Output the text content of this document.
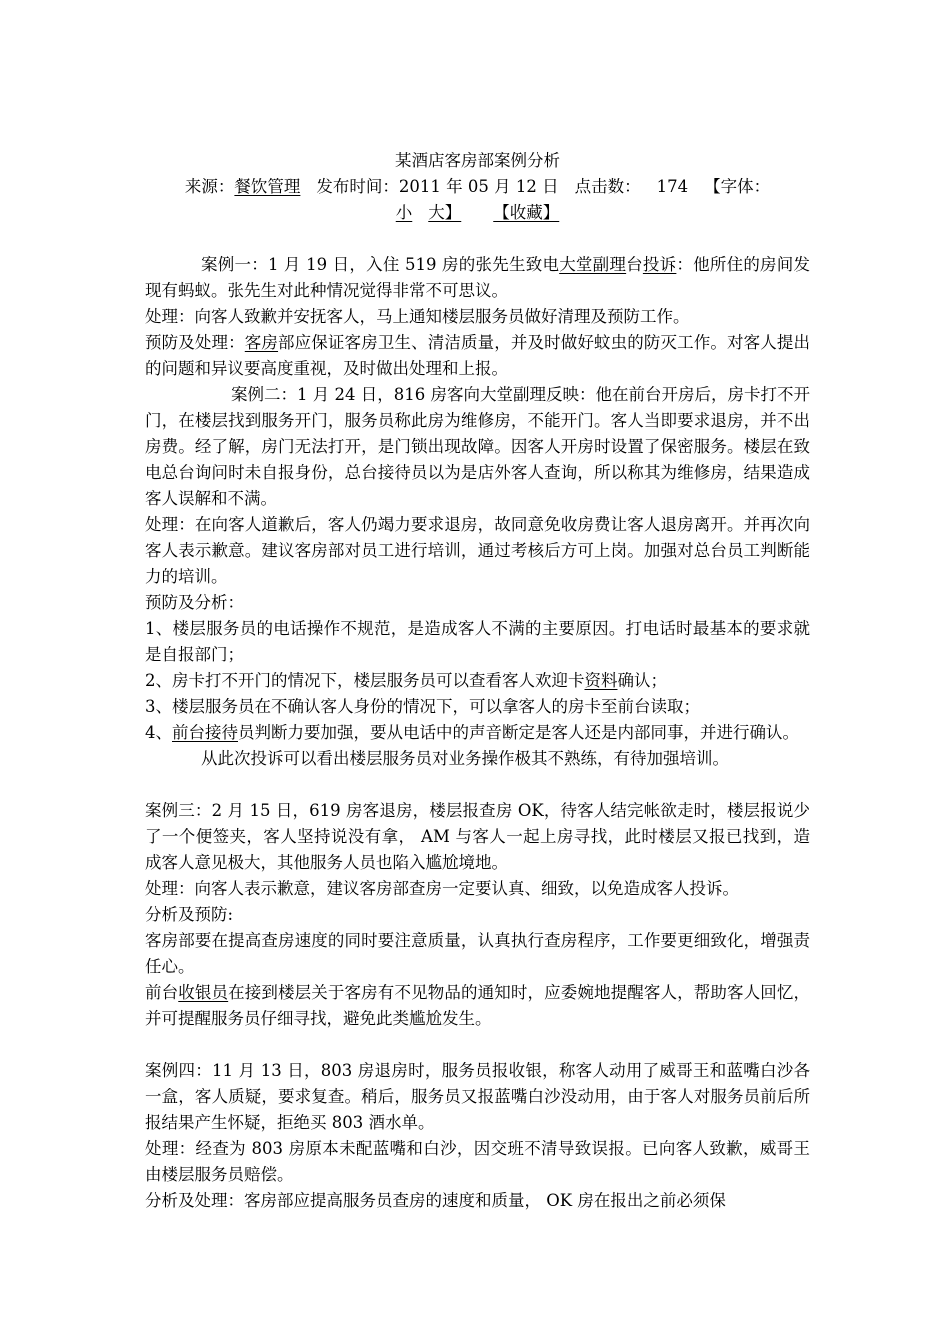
某酒店客房部案例分析
来源：餐饮管理 发布时间：2011 年 05 月 12 日 点击数： 174 【字体：
小 大】 【收藏】

案例一：1 月 19 日，入住 519 房的张先生致电大堂副理台投诉：他所住的房间发现有蚂蚁。张先生对此种情况觉得非常不可思议。

处理：向客人致歉并安抚客人，马上通知楼层服务员做好清理及预防工作。

预防及处理：客房部应保证客房卫生、清洁质量，并及时做好蚊虫的防灭工作。对客人提出的问题和异议要高度重视，及时做出处理和上报。

案例二：1 月 24 日，816 房客向大堂副理反映：他在前台开房后，房卡打不开门，在楼层找到服务开门，服务员称此房为维修房，不能开门。客人当即要求退房，并不出房费。经了解，房门无法打开，是门锁出现故障。因客人开房时设置了保密服务。楼层在致电总台询问时未自报身份，总台接待员以为是店外客人查询，所以称其为维修房，结果造成客人误解和不满。

处理：在向客人道歉后，客人仍竭力要求退房，故同意免收房费让客人退房离开。并再次向客人表示歉意。建议客房部对员工进行培训，通过考核后方可上岗。加强对总台员工判断能力的培训。

预防及分析：

1、楼层服务员的电话操作不规范，是造成客人不满的主要原因。打电话时最基本的要求就是自报部门；

2、房卡打不开门的情况下，楼层服务员可以查看客人欢迎卡资料确认；

3、楼层服务员在不确认客人身份的情况下，可以拿客人的房卡至前台读取；

4、前台接待员判断力要加强，要从电话中的声音断定是客人还是内部同事，并进行确认。

从此次投诉可以看出楼层服务员对业务操作极其不熟练，有待加强培训。

案例三：2 月 15 日，619 房客退房，楼层报查房 OK，待客人结完帐欲走时，楼层报说少了一个便签夹，客人坚持说没有拿， AM 与客人一起上房寻找，此时楼层又报已找到，造成客人意见极大，其他服务人员也陷入尴尬境地。

处理：向客人表示歉意，建议客房部查房一定要认真、细致，以免造成客人投诉。

分析及预防:

客房部要在提高查房速度的同时要注意质量，认真执行查房程序，工作要更细致化，增强责任心。

前台收银员在接到楼层关于客房有不见物品的通知时，应委婉地提醒客人，帮助客人回忆，并可提醒服务员仔细寻找，避免此类尴尬发生。

案例四：11 月 13 日，803 房退房时，服务员报收银，称客人动用了威哥王和蓝嘴白沙各一盒，客人质疑，要求复查。稍后，服务员又报蓝嘴白沙没动用，由于客人对服务员前后所报结果产生怀疑，拒绝买 803 酒水单。

处理：经查为 803 房原本未配蓝嘴和白沙，因交班不清导致误报。已向客人致歉，威哥王由楼层服务员赔偿。

分析及处理：客房部应提高服务员查房的速度和质量， OK 房在报出之前必须保
